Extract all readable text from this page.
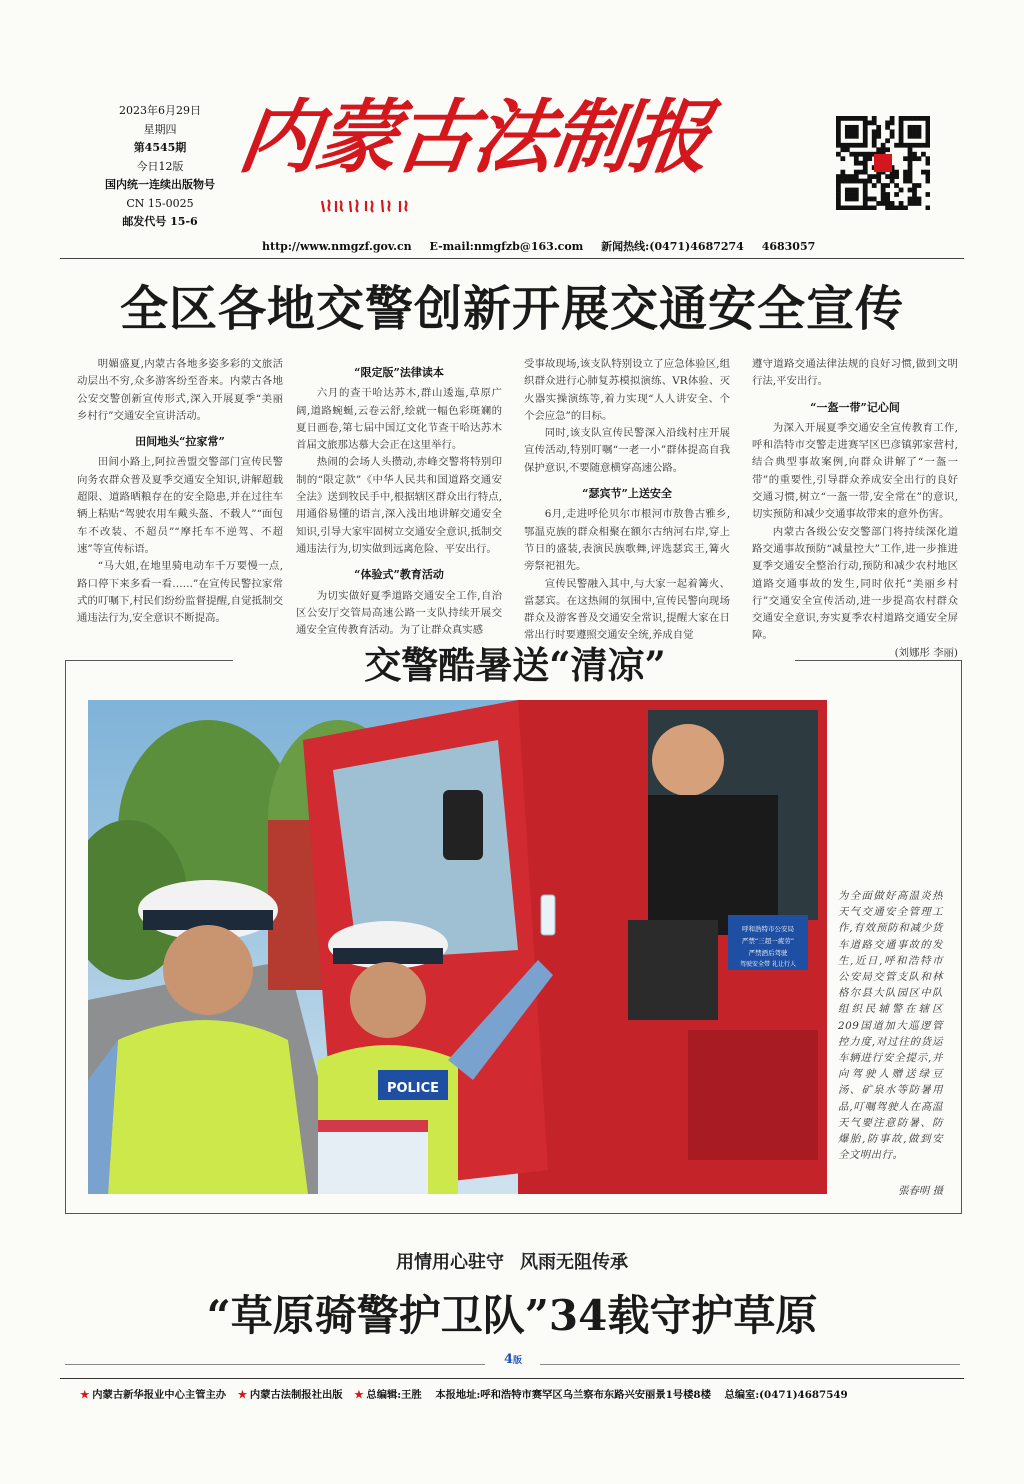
2023年6月29日
星期四
第4545期
今日12版
国内统一连续出版物号
CN 15-0025
邮发代号 15-6
内蒙古法制报
http://www.nmgzf.gov.cn E-mail:nmgfzb@163.com 新闻热线:(0471)4687274 4683057
全区各地交警创新开展交通安全宣传

明媚盛夏,内蒙古各地多姿多彩的文旅活动层出不穷,众多游客纷至沓来。内蒙古各地公安交警创新宣传形式,深入开展夏季“美丽乡村行”交通安全宣讲活动。

田间地头“拉家常”

田间小路上,阿拉善盟交警部门宣传民警向务农群众普及夏季交通安全知识,讲解超载超限、道路晒粮存在的安全隐患,并在过往车辆上粘贴“驾驶农用车戴头盔、不载人”“面包车不改装、不超员”“摩托车不逆驾、不超速”等宣传标语。

“马大姐,在地里骑电动车千万要慢一点,路口停下来多看一看……”在宣传民警拉家常式的叮嘱下,村民们纷纷监督提醒,自觉抵制交通违法行为,安全意识不断提高。

“限定版”法律读本

六月的查干哈达苏木,群山逶迤,草原广阔,道路蜿蜒,云卷云舒,绘就一幅色彩斑斓的夏日画卷,第七届中国辽文化节查干哈达苏木首届文旅那达慕大会正在这里举行。

热闹的会场人头攒动,赤峰交警将特别印制的“限定款”《中华人民共和国道路交通安全法》送到牧民手中,根据辖区群众出行特点,用通俗易懂的语言,深入浅出地讲解交通安全知识,引导大家牢固树立交通安全意识,抵制交通违法行为,切实做到远离危险、平安出行。

“体验式”教育活动

为切实做好夏季道路交通安全工作,自治区公安厅交管局高速公路一支队持续开展交通安全宣传教育活动。为了让群众真实感

受事故现场,该支队特别设立了应急体验区,组织群众进行心肺复苏模拟演练、VR体验、灭火器实操演练等,着力实现“人人讲安全、个个会应急”的目标。

同时,该支队宣传民警深入沿线村庄开展宣传活动,特别叮嘱“一老一小”群体提高自我保护意识,不要随意横穿高速公路。

“瑟宾节”上送安全

6月,走进呼伦贝尔市根河市敖鲁古雅乡,鄂温克族的群众相聚在额尔古纳河右岸,穿上节日的盛装,表演民族歌舞,评选瑟宾王,篝火旁祭祀祖先。

宣传民警融入其中,与大家一起着篝火、當瑟宾。在这热闹的氛围中,宣传民警向现场群众及游客普及交通安全常识,提醒大家在日常出行时要遵照交通安全统,养成自觉

遵守道路交通法律法规的良好习惯,做到文明行法,平安出行。

“一盔一带”记心间

为深入开展夏季交通安全宣传教育工作,呼和浩特市交警走进赛罕区巴彦镇郭家营村,结合典型事故案例,向群众讲解了“一盔一带”的重要性,引导群众养成安全出行的良好交通习惯,树立“一盔一带,安全常在”的意识,切实预防和减少交通事故带来的意外伤害。

内蒙古各级公安交警部门将持续深化道路交通事故预防“减量控大”工作,进一步推进夏季交通安全整治行动,预防和减少农村地区道路交通事故的发生,同时依托“美丽乡村行”交通安全宣传活动,进一步提高农村群众交通安全意识,夯实夏季农村道路交通安全屏障。

(刘娜彤 李丽)

交警酷暑送“清凉”
呼和浩特市公安局
严禁“三超一疲劳”
严禁酒后驾驶
驾驶安全带 礼让行人
POLICE
为全面做好高温炎热天气交通安全管理工作,有效预防和减少货车道路交通事故的发生,近日,呼和浩特市公安局交管支队和林格尔县大队园区中队组织民辅警在辖区209国道加大巡逻管控力度,对过往的货运车辆进行安全提示,并向驾驶人赠送绿豆汤、矿泉水等防暑用品,叮嘱驾驶人在高温天气要注意防暑、防爆胎,防事故,做到安全文明出行。
張春明 摄
用情用心驻守 风雨无阻传承
“草原骑警护卫队”34载守护草原
4版
★ 内蒙古新华报业中心主管主办 ★ 内蒙古法制报社出版 ★ 总编辑:王胜 本报地址:呼和浩特市赛罕区乌兰察布东路兴安丽景1号楼8楼 总编室:(0471)4687549
